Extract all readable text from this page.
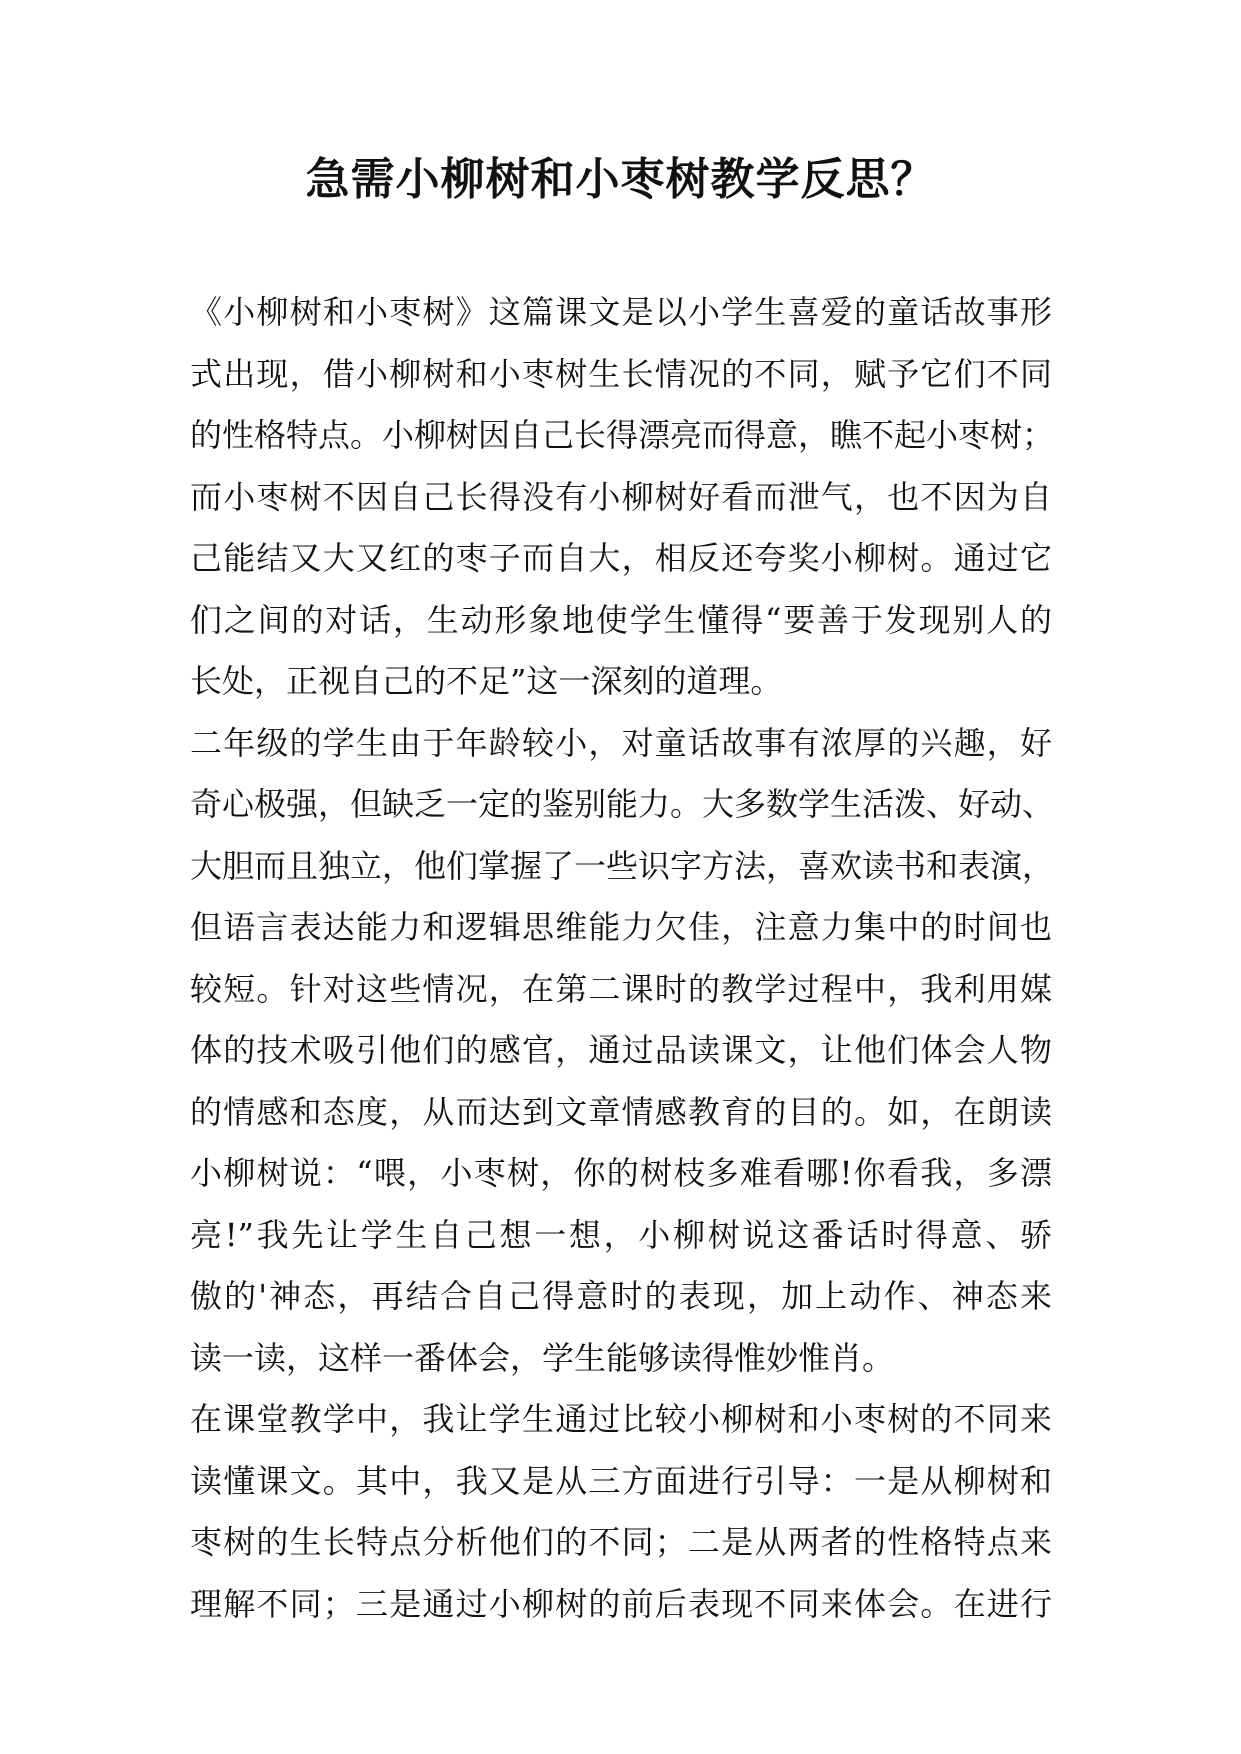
急需小柳树和小枣树教学反思？
《小柳树和小枣树》这篇课文是以小学生喜爱的童话故事形
式出现，借小柳树和小枣树生长情况的不同，赋予它们不同
的性格特点。小柳树因自己长得漂亮而得意，瞧不起小枣树；
而小枣树不因自己长得没有小柳树好看而泄气，也不因为自
己能结又大又红的枣子而自大，相反还夸奖小柳树。通过它
们之间的对话，生动形象地使学生懂得“要善于发现别人的
长处，正视自己的不足”这一深刻的道理。
二年级的学生由于年龄较小，对童话故事有浓厚的兴趣，好
奇心极强，但缺乏一定的鉴别能力。大多数学生活泼、好动、
大胆而且独立，他们掌握了一些识字方法，喜欢读书和表演，
但语言表达能力和逻辑思维能力欠佳，注意力集中的时间也
较短。针对这些情况，在第二课时的教学过程中，我利用媒
体的技术吸引他们的感官，通过品读课文，让他们体会人物
的情感和态度，从而达到文章情感教育的目的。如，在朗读
小柳树说：“喂，小枣树，你的树枝多难看哪!你看我，多漂
亮!”我先让学生自己想一想，小柳树说这番话时得意、骄
傲的'神态，再结合自己得意时的表现，加上动作、神态来
读一读，这样一番体会，学生能够读得惟妙惟肖。
在课堂教学中，我让学生通过比较小柳树和小枣树的不同来
读懂课文。其中，我又是从三方面进行引导：一是从柳树和
枣树的生长特点分析他们的不同；二是从两者的性格特点来
理解不同；三是通过小柳树的前后表现不同来体会。在进行
